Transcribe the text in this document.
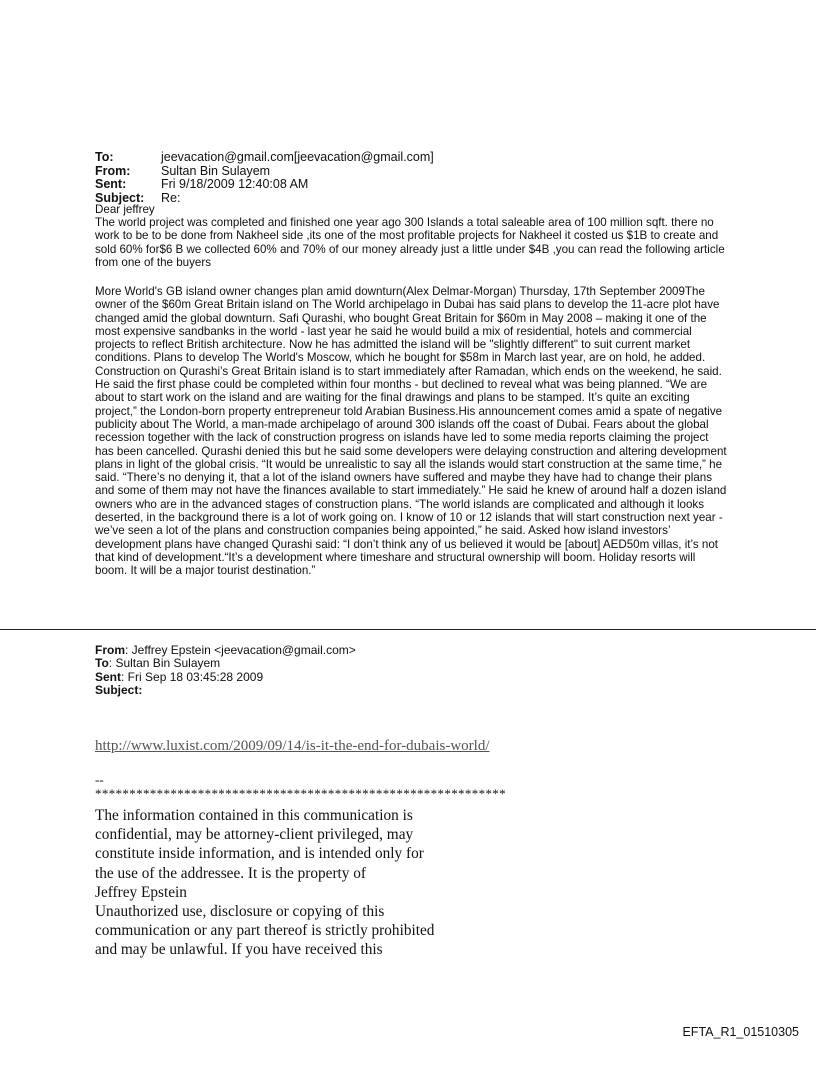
To:	jeevacation@gmail.com[jeevacation@gmail.com]
From:	Sultan Bin Sulayem
Sent:	Fri 9/18/2009 12:40:08 AM
Subject:	Re:
Dear jeffrey
The world project was completed and finished one year ago 300 Islands a total saleable area of 100 million sqft. there no work to be to be done from Nakheel side ,its one of the most profitable projects for Nakheel it costed us $1B to create and sold 60% for$6 B we collected 60% and 70% of our money already just a little under $4B ,you can read the following article from one of the buyers
More World's GB island owner changes plan amid downturn(Alex Delmar-Morgan) Thursday, 17th September 2009The owner of the $60m Great Britain island on The World archipelago in Dubai has said plans to develop the 11-acre plot have changed amid the global downturn. Safi Qurashi, who bought Great Britain for $60m in May 2008 – making it one of the most expensive sandbanks in the world - last year he said he would build a mix of residential, hotels and commercial projects to reflect British architecture. Now he has admitted the island will be "slightly different" to suit current market conditions. Plans to develop The World's Moscow, which he bought for $58m in March last year, are on hold, he added. Construction on Qurashi’s Great Britain island is to start immediately after Ramadan, which ends on the weekend, he said. He said the first phase could be completed within four months - but declined to reveal what was being planned. “We are about to start work on the island and are waiting for the final drawings and plans to be stamped. It’s quite an exciting project,” the London-born property entrepreneur told Arabian Business.His announcement comes amid a spate of negative publicity about The World, a man-made archipelago of around 300 islands off the coast of Dubai. Fears about the global recession together with the lack of construction progress on islands have led to some media reports claiming the project has been cancelled. Qurashi denied this but he said some developers were delaying construction and altering development plans in light of the global crisis. “It would be unrealistic to say all the islands would start construction at the same time,” he said. “There’s no denying it, that a lot of the island owners have suffered and maybe they have had to change their plans and some of them may not have the finances available to start immediately.” He said he knew of around half a dozen island owners who are in the advanced stages of construction plans. “The world islands are complicated and although it looks deserted, in the background there is a lot of work going on. I know of 10 or 12 islands that will start construction next year - we’ve seen a lot of the plans and construction companies being appointed,” he said. Asked how island investors’ development plans have changed Qurashi said: “I don’t think any of us believed it would be [about] AED50m villas, it’s not that kind of development.“It’s a development where timeshare and structural ownership will boom. Holiday resorts will boom. It will be a major tourist destination.”
From: Jeffrey Epstein <jeevacation@gmail.com>
To: Sultan Bin Sulayem
Sent: Fri Sep 18 03:45:28 2009
Subject:
http://www.luxist.com/2009/09/14/is-it-the-end-for-dubais-world/
--
************************************************************
The information contained in this communication is
confidential, may be attorney-client privileged, may
constitute inside information, and is intended only for
the use of the addressee. It is the property of
Jeffrey Epstein
Unauthorized use, disclosure or copying of this
communication or any part thereof is strictly prohibited
and may be unlawful. If you have received this
EFTA_R1_01510305
